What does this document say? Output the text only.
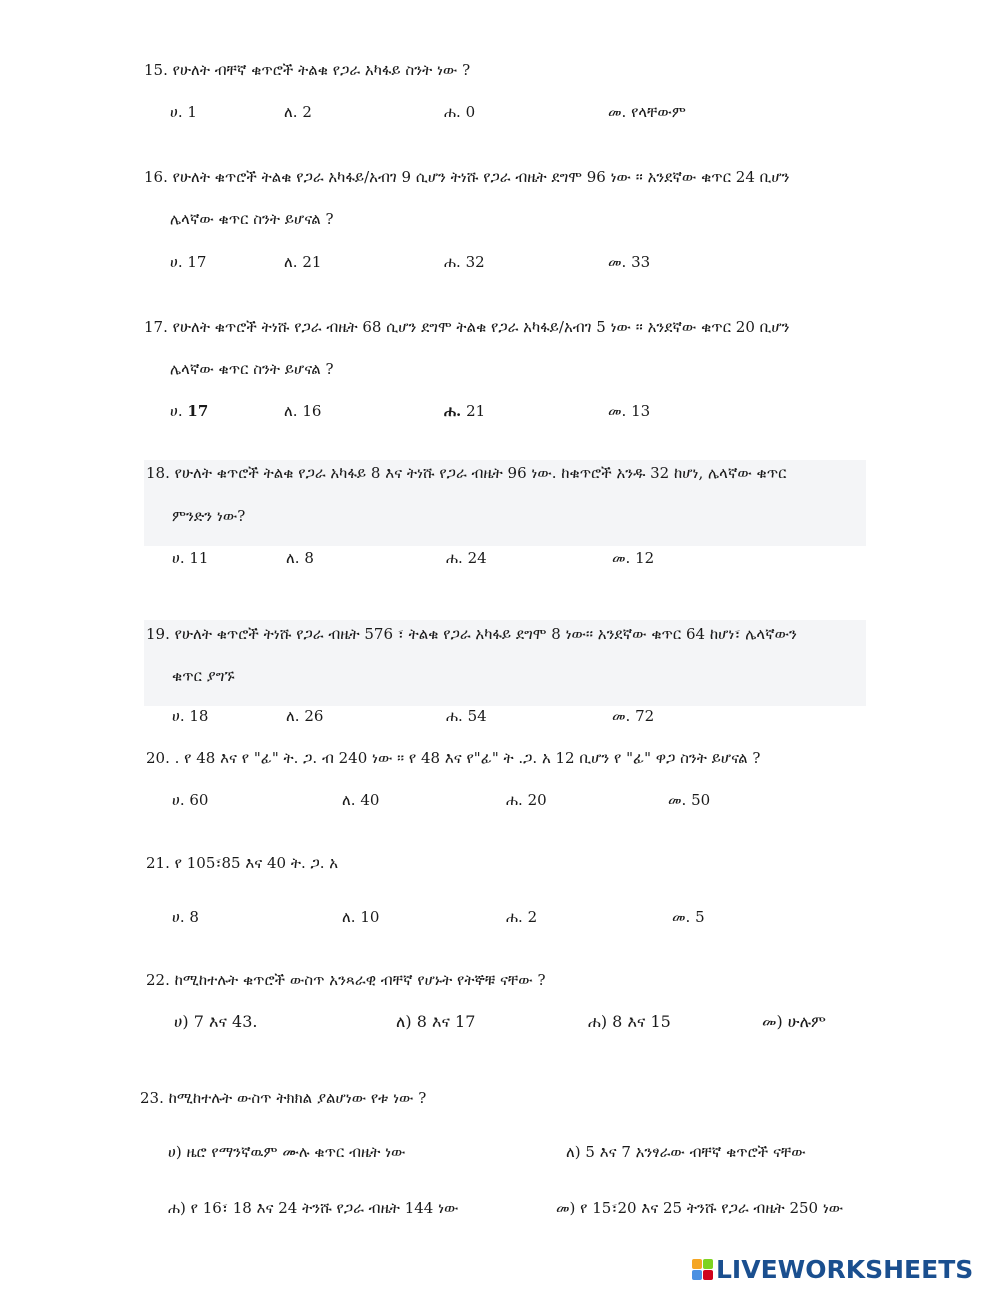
15. የሁለት ብቸኛ ቁጥሮች ትልቁ የጋራ አካፋይ ስንት ነው ?
ሀ. 1	ለ. 2	ሐ. 0	መ. የላቸውም
16. የሁለት ቁጥሮች ትልቁ የጋራ አካፋይ/አብገ 9 ሲሆን ትነሹ የጋራ ብዜት ደግሞ 96 ነው ፡፡ አንደኛው ቁጥር 24 ቢሆን
ሌላኛው ቁጥር ስንት ይሆናል ?
ሀ. 17	ለ. 21	ሐ. 32	መ. 33
17. የሁለት ቁጥሮች ትነሹ የጋራ ብዜት 68 ሲሆን ደግሞ ትልቁ የጋራ አካፋይ/አብገ 5 ነው ፡፡ አንደኛው ቁጥር 20 ቢሆን
ሌላኛው ቁጥር ስንት ይሆናል ?
ሀ. 17	ለ. 16	ሐ. 21	መ. 13
18. የሁለት ቁጥሮች ትልቁ የጋራ አካፋይ 8 እና ትነሹ የጋራ ብዜት 96 ነው. ከቁጥሮች አንዱ 32 ከሆነ, ሌላኛው ቁጥር
ምንድን ነው?
ሀ. 11	ለ. 8	ሐ. 24	መ. 12
19. የሁለት ቁጥሮች ትነሹ የጋራ ብዜት 576 ፣ ትልቁ የጋራ አካፋይ ደግሞ 8 ነው፡፡ አንደኛው ቁጥር 64 ከሆነ፣ ሌላኛውን
ቁጥር ያግኙ
ሀ. 18	ለ. 26	ሐ. 54	መ. 72
20. . የ 48 እና የ "ፊ" ት. ጋ. ብ 240 ነው ። የ 48 እና የ"ፊ" ት .ጋ. አ 12 ቢሆን የ "ፊ" ዋጋ ስንት ይሆናል ?
ሀ. 60	ለ. 40	ሐ. 20	መ. 50
21. የ 105፣85 እና 40 ት. ጋ. አ
ሀ. 8	ለ. 10	ሐ. 2	መ. 5
22. ከሚከተሉት ቁጥሮች ውስጥ አንጻራዊ ብቸኛ የሆኑት የትኞቹ ናቸው ?
ሀ) 7 እና 43.	ለ) 8 እና 17	ሐ) 8 እና 15	መ) ሁሉም
23. ከሚከተሉት ውስጥ ትክክል ያልሆነው የቱ ነው ?
ሀ) ዜሮ የማንኛዉም ሙሉ ቁጥር ብዜት ነው	ለ) 5 እና 7 አንፃራው ብቸኛ ቁጥሮች ናቸው
ሐ) የ 16፣ 18 እና 24 ትንሹ የጋራ ብዜት 144 ነው	መ) የ 15፣20 እና 25 ትንሹ የጋራ ብዜት 250 ነው
LIVEWORKSHEETS
